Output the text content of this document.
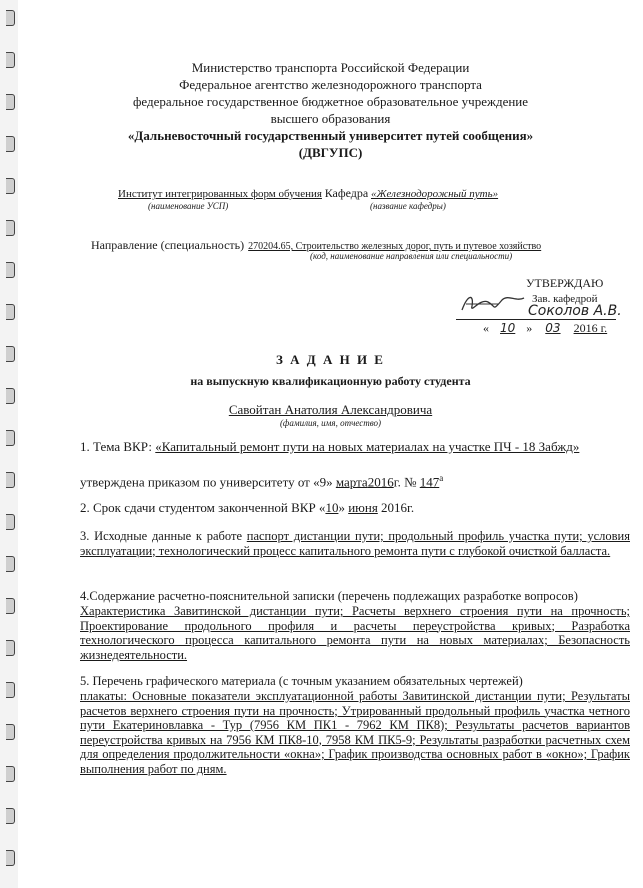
Министерство транспорта Российской Федерации
Федеральное агентство железнодорожного транспорта
федеральное государственное бюджетное образовательное учреждение
высшего образования
«Дальневосточный государственный университет путей сообщения»
(ДВГУПС)
Институт интегрированных форм обучения Кафедра «Железнодорожный путь»
(наименование УСП)	(название кафедры)
Направление (специальность) 270204.65, Строительство железных дорог, путь и путевое хозяйство
(код, наименование направления или специальности)
УТВЕРЖДАЮ
Зав. кафедрой
Соколов А.В.
« 10 » 03 2016 г.
З А Д А Н И Е
на выпускную квалификационную работу студента
Савойтан Анатолия Александровича
(фамилия, имя, отчество)
1. Тема ВКР: «Капитальный ремонт пути на новых материалах на участке ПЧ - 18 Забжд»
утверждена приказом по университету от «9» марта2016г. № $147^а$
2. Срок сдачи студентом законченной ВКР «10» июня 2016г.
3. Исходные данные к работе паспорт дистанции пути; продольный профиль участка пути; условия эксплуатации; технологический процесс капитального ремонта пути с глубокой очисткой балласта.
4.Содержание расчетно-пояснительной записки (перечень подлежащих разработке вопросов)
Характеристика Завитинской дистанции пути; Расчеты верхнего строения пути на прочность; Проектирование продольного профиля и расчеты переустройства кривых; Разработка технологического процесса капитального ремонта пути на новых материалах; Безопасность жизнедеятельности.
5. Перечень графического материала (с точным указанием обязательных чертежей)
плакаты: Основные показатели эксплуатационной работы Завитинской дистанции пути; Результаты расчетов верхнего строения пути на прочность; Утрированный продольный профиль участка четного пути Екатериновлавка - Тур (7956 КМ ПК1 - 7962 КМ ПК8); Результаты расчетов вариантов переустройства кривых на 7956 КМ ПК8-10, 7958 КМ ПК5-9; Результаты разработки расчетных схем для определения продолжительности «окна»; График производства основных работ в «окно»; График выполнения работ по дням.
